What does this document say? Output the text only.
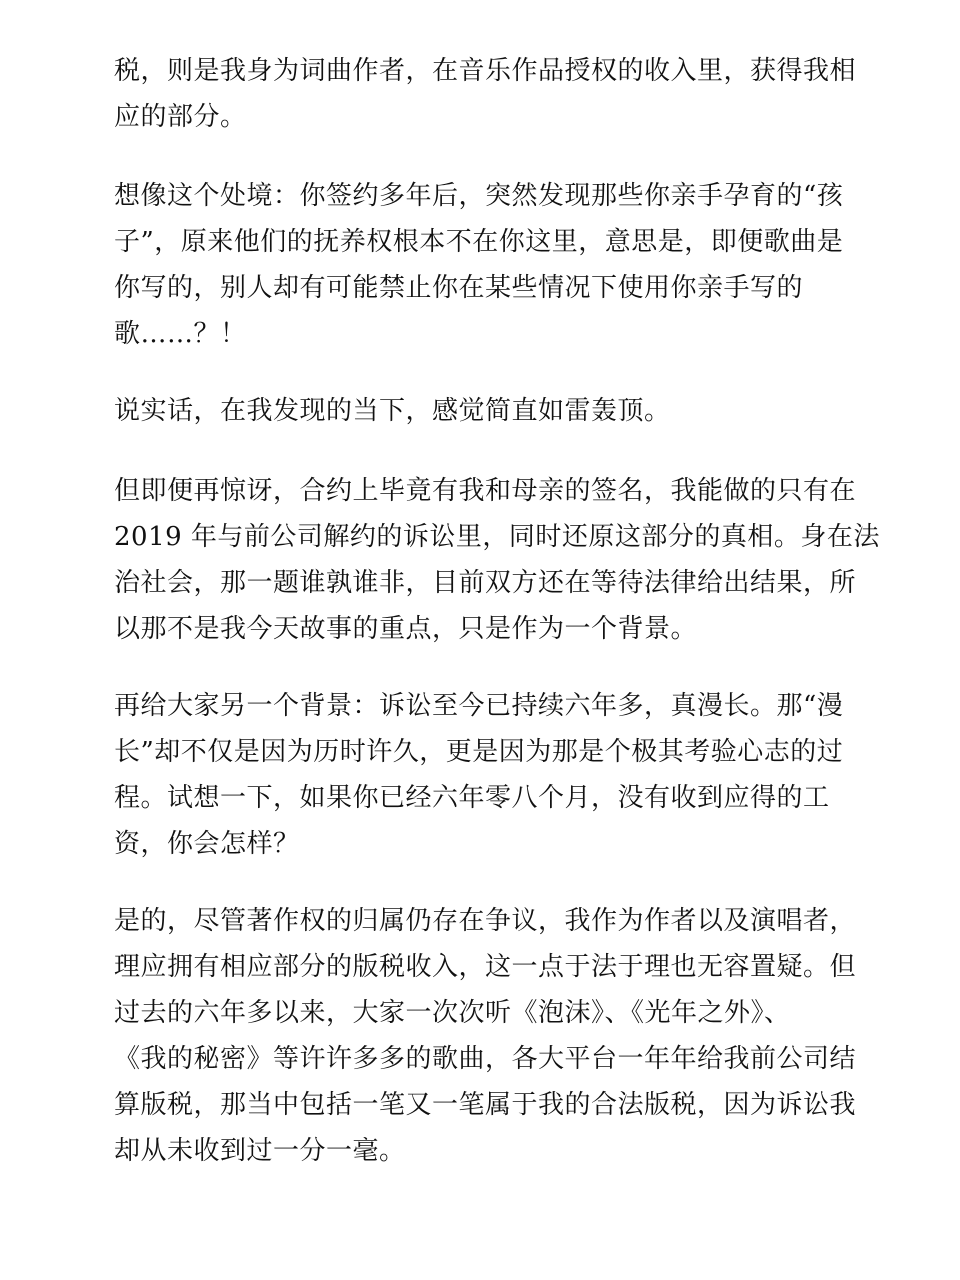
税，则是我身为词曲作者，在音乐作品授权的收入里，获得我相
应的部分。

想像这个处境：你签约多年后，突然发现那些你亲手孕育的“孩
子”，原来他们的抚养权根本不在你这里，意思是，即便歌曲是
你写的，别人却有可能禁止你在某些情况下使用你亲手写的
歌……？！

说实话，在我发现的当下，感觉简直如雷轰顶。

但即便再惊讶，合约上毕竟有我和母亲的签名，我能做的只有在
2019 年与前公司解约的诉讼里，同时还原这部分的真相。身在法
治社会，那一题谁孰谁非，目前双方还在等待法律给出结果，所
以那不是我今天故事的重点，只是作为一个背景。

再给大家另一个背景：诉讼至今已持续六年多，真漫长。那“漫
长”却不仅是因为历时许久，更是因为那是个极其考验心志的过
程。试想一下，如果你已经六年零八个月，没有收到应得的工
资，你会怎样？

是的，尽管著作权的归属仍存在争议，我作为作者以及演唱者，
理应拥有相应部分的版税收入，这一点于法于理也无容置疑。但
过去的六年多以来，大家一次次听《泡沫》、《光年之外》、
《我的秘密》等许许多多的歌曲，各大平台一年年给我前公司结
算版税，那当中包括一笔又一笔属于我的合法版税，因为诉讼我
却从未收到过一分一毫。
